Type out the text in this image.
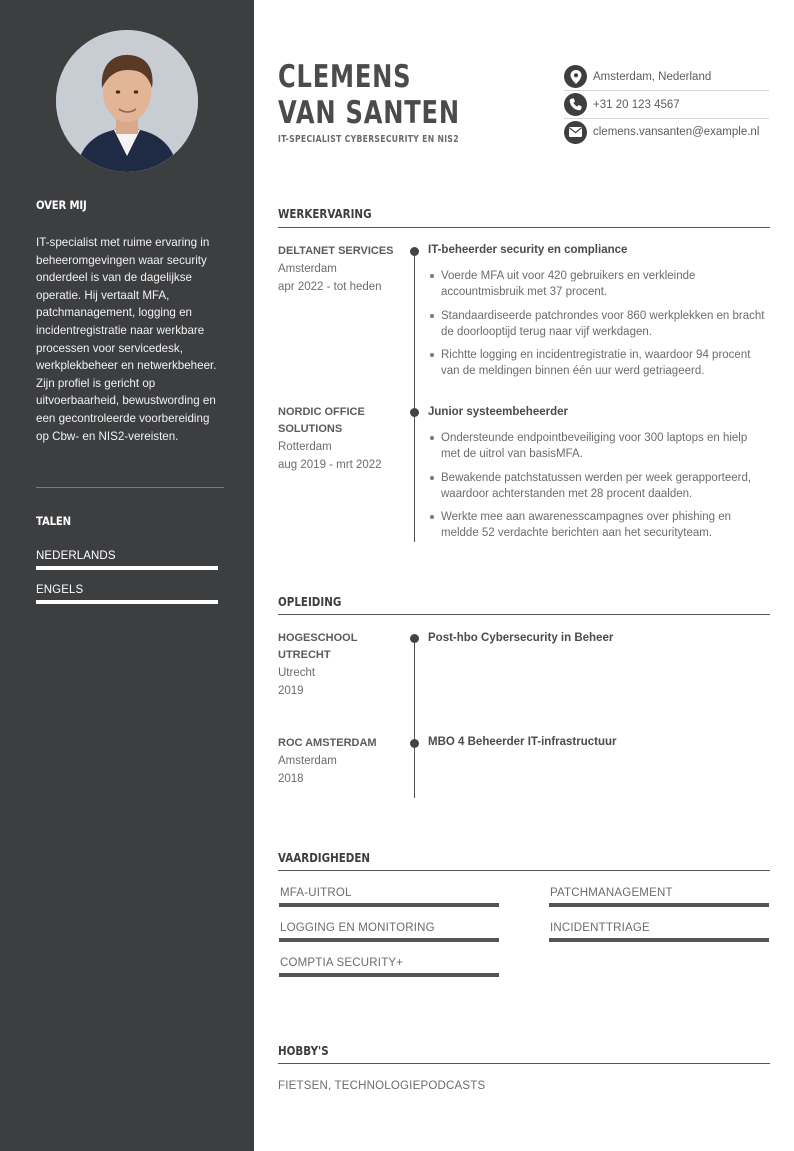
OVER MIJ

IT-specialist met ruime ervaring in beheeromgevingen waar security onderdeel is van de dagelijkse operatie. Hij vertaalt MFA, patchmanagement, logging en incidentregistratie naar werkbare processen voor servicedesk, werkplekbeheer en netwerkbeheer. Zijn profiel is gericht op uitvoerbaarheid, bewustwording en een gecontroleerde voorbereiding op Cbw- en NIS2-vereisten.

TALEN
NEDERLANDS
ENGELS
CLEMENS
VAN SANTEN
IT-SPECIALIST CYBERSECURITY EN NIS2
Amsterdam, Nederland
+31 20 123 4567
clemens.vansanten@example.nl
WERKERVARING
DELTANET SERVICES
Amsterdam
apr 2022 - tot heden
IT-beheerder security en compliance
Voerde MFA uit voor 420 gebruikers en verkleinde accountmisbruik met 37 procent.
Standaardiseerde patchrondes voor 860 werkplekken en bracht de doorlooptijd terug naar vijf werkdagen.
Richtte logging en incidentregistratie in, waardoor 94 procent van de meldingen binnen één uur werd getriageerd.
NORDIC OFFICE SOLUTIONS
Rotterdam
aug 2019 - mrt 2022
Junior systeembeheerder
Ondersteunde endpointbeveiliging voor 300 laptops en hielp met de uitrol van basisMFA.
Bewakende patchstatussen werden per week gerapporteerd, waardoor achterstanden met 28 procent daalden.
Werkte mee aan awarenesscampagnes over phishing en meldde 52 verdachte berichten aan het securityteam.
OPLEIDING
HOGESCHOOL UTRECHT
Utrecht
2019
Post-hbo Cybersecurity in Beheer
ROC AMSTERDAM
Amsterdam
2018
MBO 4 Beheerder IT-infrastructuur
VAARDIGHEDEN
MFA-UITROL	PATCHMANAGEMENT
LOGGING EN MONITORING	INCIDENTTRIAGE
COMPTIA SECURITY+
HOBBY'S
FIETSEN, TECHNOLOGIEPODCASTS
